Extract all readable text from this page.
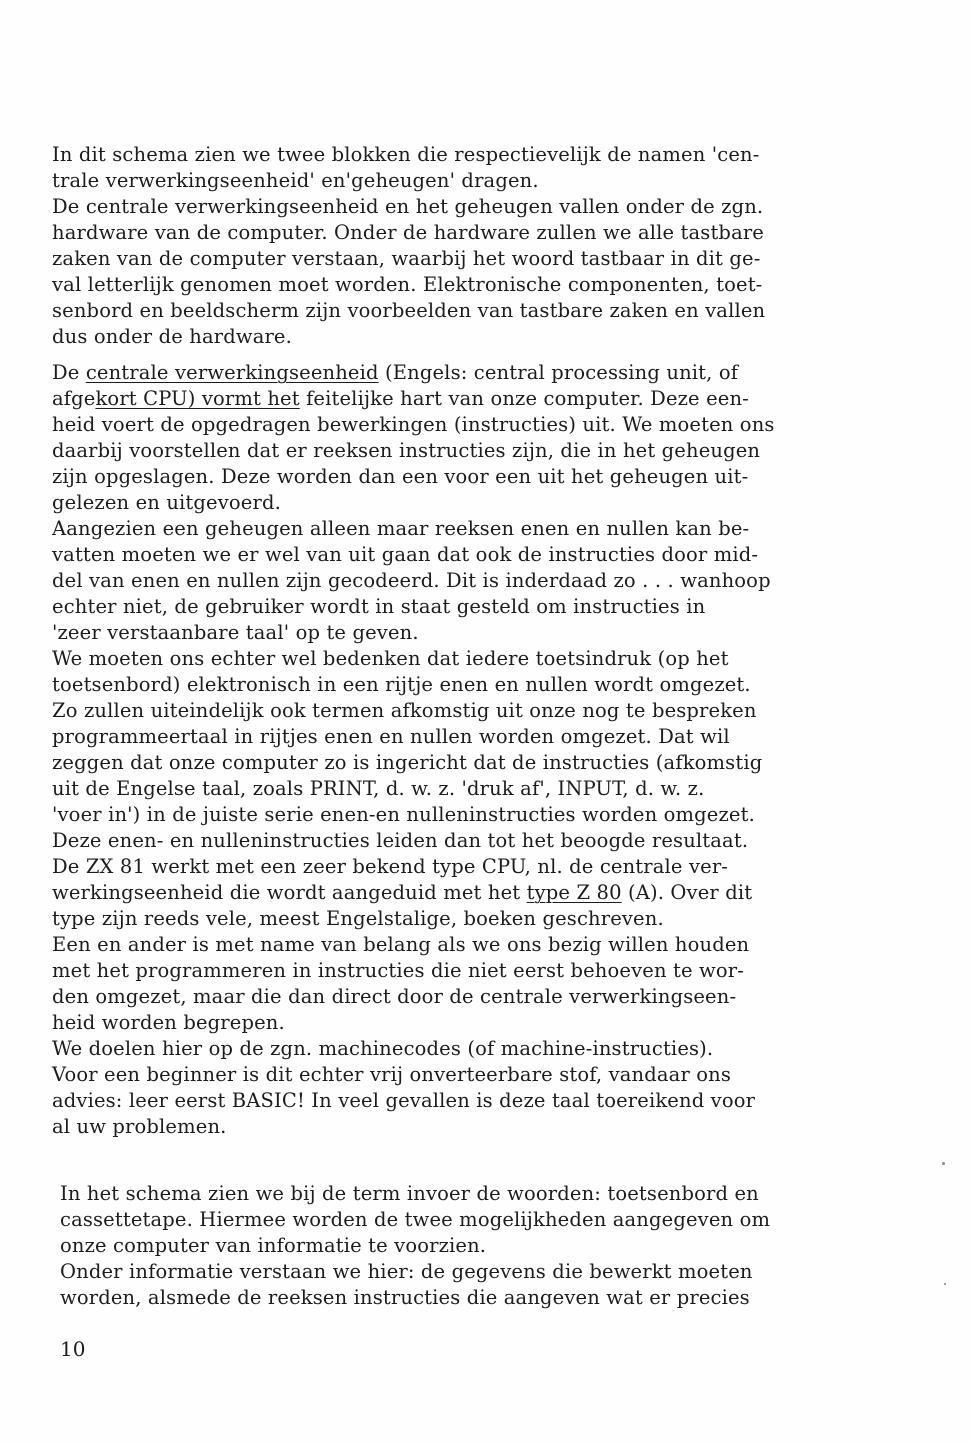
In dit schema zien we twee blokken die respectievelijk de namen 'cen-
trale verwerkingseenheid' en'geheugen' dragen.
De centrale verwerkingseenheid en het geheugen vallen onder de zgn.
hardware van de computer. Onder de hardware zullen we alle tastbare
zaken van de computer verstaan, waarbij het woord tastbaar in dit ge-
val letterlijk genomen moet worden. Elektronische componenten, toet-
senbord en beeldscherm zijn voorbeelden van tastbare zaken en vallen
dus onder de hardware.
De centrale verwerkingseenheid (Engels: central processing unit, of
afgekort CPU) vormt het feitelijke hart van onze computer. Deze een-
heid voert de opgedragen bewerkingen (instructies) uit. We moeten ons
daarbij voorstellen dat er reeksen instructies zijn, die in het geheugen
zijn opgeslagen. Deze worden dan een voor een uit het geheugen uit-
gelezen en uitgevoerd.
Aangezien een geheugen alleen maar reeksen enen en nullen kan be-
vatten moeten we er wel van uit gaan dat ook de instructies door mid-
del van enen en nullen zijn gecodeerd. Dit is inderdaad zo . . . wanhoop
echter niet, de gebruiker wordt in staat gesteld om instructies in
'zeer verstaanbare taal' op te geven.
We moeten ons echter wel bedenken dat iedere toetsindruk (op het
toetsenbord) elektronisch in een rijtje enen en nullen wordt omgezet.
Zo zullen uiteindelijk ook termen afkomstig uit onze nog te bespreken
programmeertaal in rijtjes enen en nullen worden omgezet. Dat wil
zeggen dat onze computer zo is ingericht dat de instructies (afkomstig
uit de Engelse taal, zoals PRINT, d. w. z. 'druk af', INPUT, d. w. z.
'voer in') in de juiste serie enen-en nulleninstructies worden omgezet.
Deze enen- en nulleninstructies leiden dan tot het beoogde resultaat.
De ZX 81 werkt met een zeer bekend type CPU, nl. de centrale ver-
werkingseenheid die wordt aangeduid met het type Z 80 (A). Over dit
type zijn reeds vele, meest Engelstalige, boeken geschreven.
Een en ander is met name van belang als we ons bezig willen houden
met het programmeren in instructies die niet eerst behoeven te wor-
den omgezet, maar die dan direct door de centrale verwerkingseen-
heid worden begrepen.
We doelen hier op de zgn. machinecodes (of machine-instructies).
Voor een beginner is dit echter vrij onverteerbare stof, vandaar ons
advies: leer eerst BASIC! In veel gevallen is deze taal toereikend voor
al uw problemen.
In het schema zien we bij de term invoer de woorden: toetsenbord en
cassettetape. Hiermee worden de twee mogelijkheden aangegeven om
onze computer van informatie te voorzien.
Onder informatie verstaan we hier: de gegevens die bewerkt moeten
worden, alsmede de reeksen instructies die aangeven wat er precies
10
